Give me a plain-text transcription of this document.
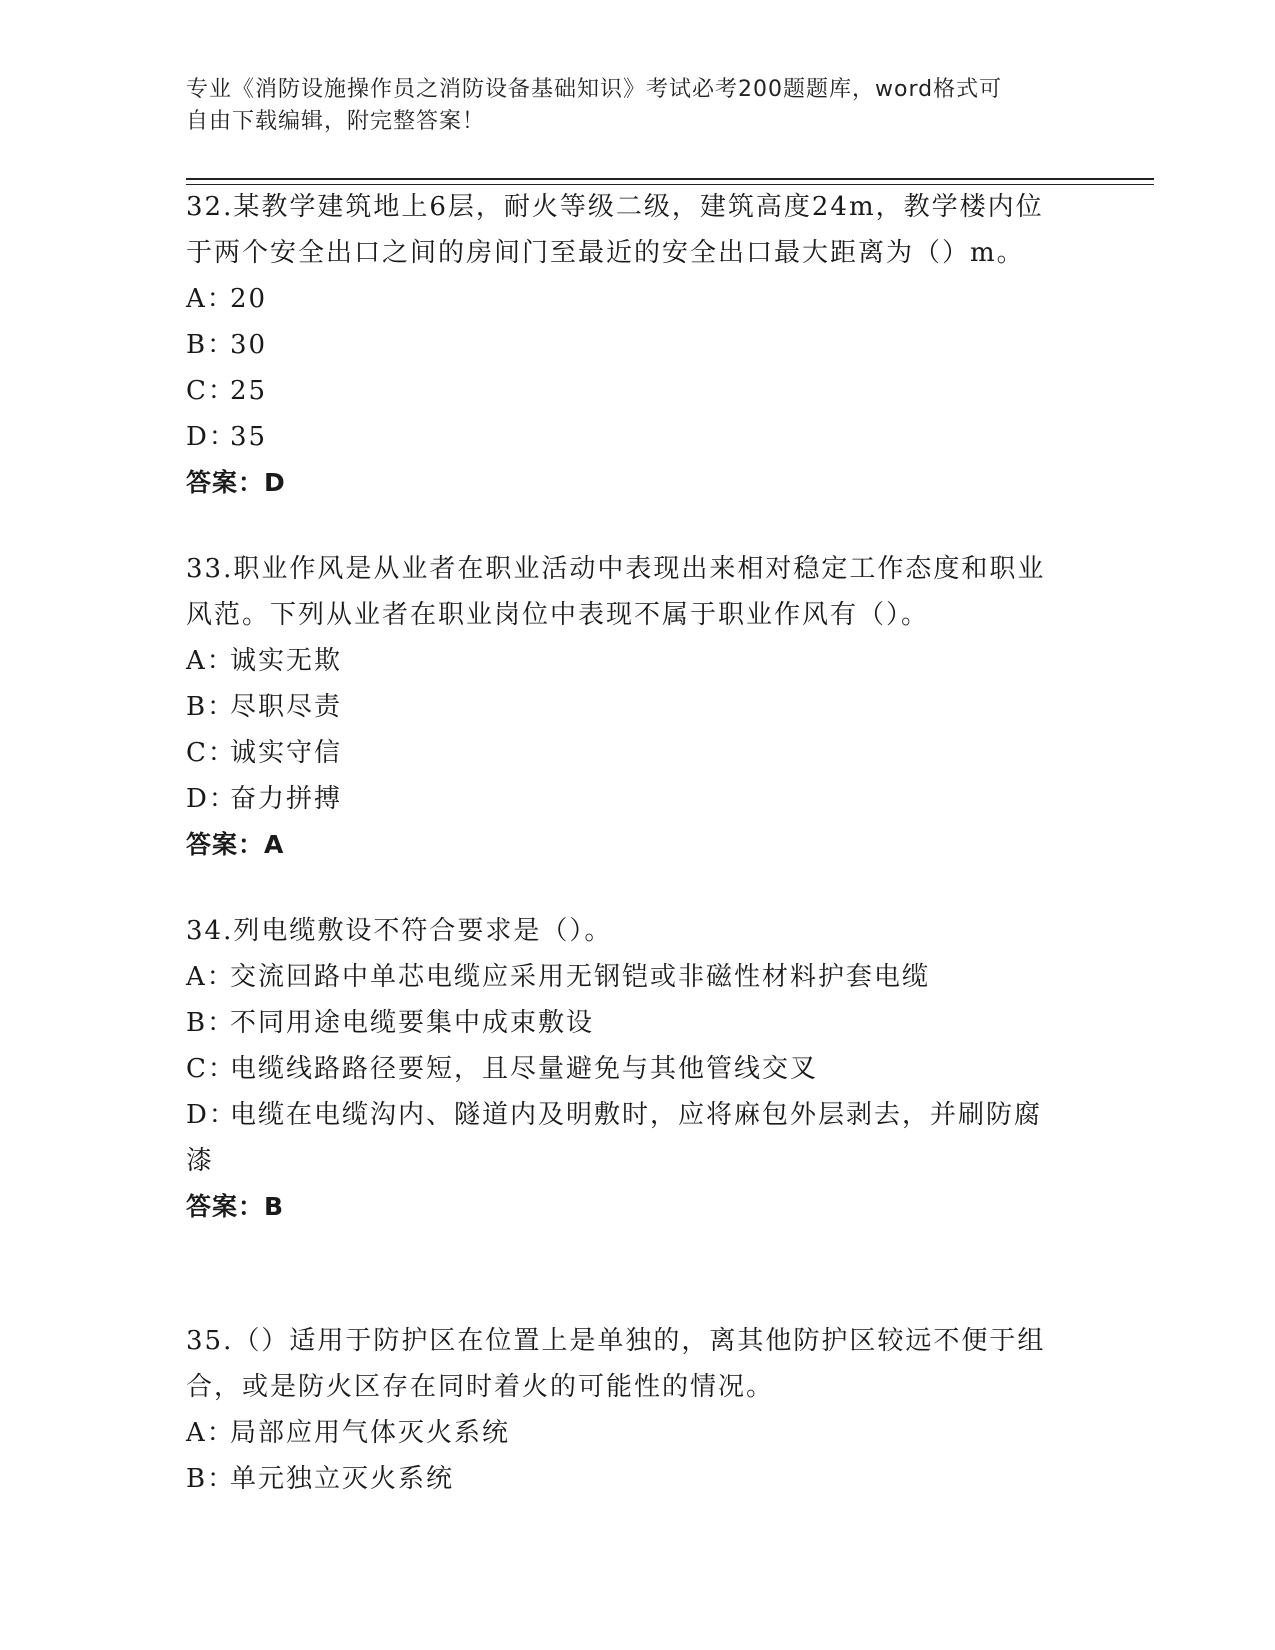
专业《消防设施操作员之消防设备基础知识》考试必考200题题库，word格式可
自由下载编辑，附完整答案！
32.某教学建筑地上6层，耐火等级二级，建筑高度24m，教学楼内位于两个安全出口之间的房间门至最近的安全出口最大距离为（）m。
A：20
B：30
C：25
D：35
答案：D
33.职业作风是从业者在职业活动中表现出来相对稳定工作态度和职业风范。下列从业者在职业岗位中表现不属于职业作风有（）。
A：诚实无欺
B：尽职尽责
C：诚实守信
D：奋力拼搏
答案：A
34.列电缆敷设不符合要求是（）。
A：交流回路中单芯电缆应采用无钢铠或非磁性材料护套电缆
B：不同用途电缆要集中成束敷设
C：电缆线路路径要短，且尽量避免与其他管线交叉
D：电缆在电缆沟内、隧道内及明敷时，应将麻包外层剥去，并刷防腐漆
答案：B
35.（）适用于防护区在位置上是单独的，离其他防护区较远不便于组合，或是防火区存在同时着火的可能性的情况。
A：局部应用气体灭火系统
B：单元独立灭火系统
